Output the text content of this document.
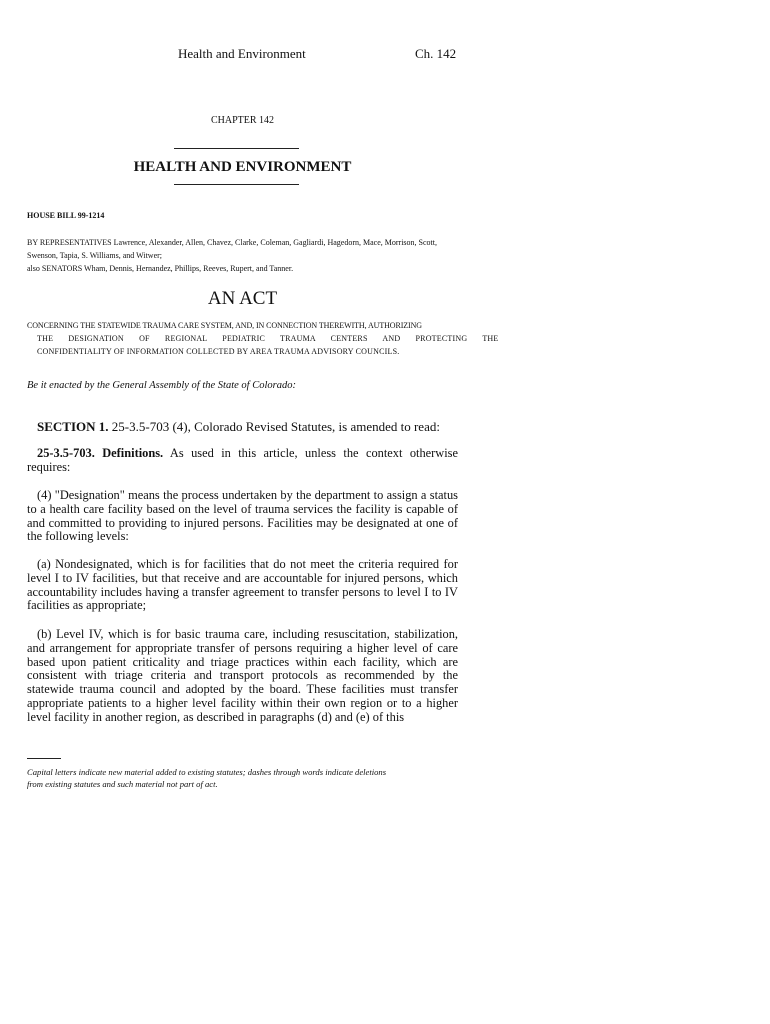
Health and Environment	Ch. 142
CHAPTER 142
HEALTH AND ENVIRONMENT
HOUSE BILL 99-1214
BY REPRESENTATIVES Lawrence, Alexander, Allen, Chavez, Clarke, Coleman, Gagliardi, Hagedorn, Mace, Morrison, Scott,
Swenson, Tapia, S. Williams, and Witwer;
also SENATORS Wham, Dennis, Hernandez, Phillips, Reeves, Rupert, and Tanner.
AN ACT
CONCERNING THE STATEWIDE TRAUMA CARE SYSTEM, AND, IN CONNECTION THEREWITH, AUTHORIZING
THE DESIGNATION OF REGIONAL PEDIATRIC TRAUMA CENTERS AND PROTECTING THE
CONFIDENTIALITY OF INFORMATION COLLECTED BY AREA TRAUMA ADVISORY COUNCILS.
Be it enacted by the General Assembly of the State of Colorado:
SECTION 1. 25-3.5-703 (4), Colorado Revised Statutes, is amended to read:
25-3.5-703. Definitions. As used in this article, unless the context otherwise requires:
(4) "Designation" means the process undertaken by the department to assign a status to a health care facility based on the level of trauma services the facility is capable of and committed to providing to injured persons. Facilities may be designated at one of the following levels:
(a) Nondesignated, which is for facilities that do not meet the criteria required for level I to IV facilities, but that receive and are accountable for injured persons, which accountability includes having a transfer agreement to transfer persons to level I to IV facilities as appropriate;
(b) Level IV, which is for basic trauma care, including resuscitation, stabilization, and arrangement for appropriate transfer of persons requiring a higher level of care based upon patient criticality and triage practices within each facility, which are consistent with triage criteria and transport protocols as recommended by the statewide trauma council and adopted by the board. These facilities must transfer appropriate patients to a higher level facility within their own region or to a higher level facility in another region, as described in paragraphs (d) and (e) of this
Capital letters indicate new material added to existing statutes; dashes through words indicate deletions
from existing statutes and such material not part of act.
